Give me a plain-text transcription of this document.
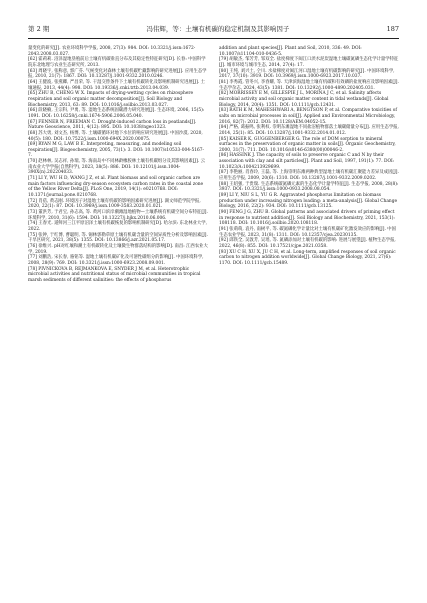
第 2 期	冯伟辉，等：土壤有机碳的稳定机制及其影响因子	187

量变化的研究[J]. 农业环境科学学报, 2008, 27(3): 984. DOI: 10.3321/j.issn:1672-2043.2008.03.027.

[62] 霍莉莉. 沼泽湿地垦殖前后土壤有机碳垂直分布及其稳定性特征研究[D]. 长春: 中国科学院东北地理与农业生态研究所, 2013.

[63] 周晓宇, 张称意, 郭广芬. 气候变化对森林土壤有机碳贮藏影响的研究进展[J]. 应用生态学报, 2010, 21(7): 1867. DOI: 10.13287/j.1001-9332.2010.0246.

[64] 王健波, 张燕卿, 严昌荣, 等. 干湿交替条件下土壤有机碳转化及影响机制研究进展[J]. 土壤通报, 2013, 44(4): 998. DOI: 10.19336/j.cnki.trtb.2013.04.039.

[65] ZHU B, CHENG W X. Impacts of drying-wetting cycles on rhizosphere respiration and soil organic matter decomposition[J]. Soil Biology and Biochemistry, 2013, 63: 89. DOI: 10.1016/j.soilbio.2013.03.027.

[66] 段晓楠, 王宗科, 尹勇, 等. 湿地生态系统固碳潜力研究进展[J]. 生态环境, 2006, 15(5): 1091. DOI: 10.16258/j.cnki.1674-5906.2006.05.040.

[67] FENNER N, FREEMAN C. Drought-induced carbon loss in peatlands[J]. Nature Geoscience, 2011, 4(12): 895. DOI: 10.1038/ngeo1323.

[68] 苏大勇, 刘文杰, 杨博, 等. 土壤碳循环对地下水位的响应研究进展[J]. 中国沙漠, 2020, 40(5): 180. DOI: 10.7522/j.issn.1000-694X.2020.00075.

[69] RYAN M G, LAW B E. Interpreting, measuring, and modeling soil respiration[J]. Biogeochemistry, 2005, 73(1): 3. DOI: 10.1007/s10533-004-5167-7.

[70] 赵林林, 吴志祥, 孙瑞, 等. 海南岛中不同林龄橡胶林土壤有机碳组分及其影响因素[J]. 云南农业大学学报(自然科学), 2023, 38(5): 886. DOI: 10.12101/j.issn.1004-390X(n).202204033.

[71] LI Y, WU H D, WANG J Z, et al. Plant biomass and soil organic carbon are main factors influencing dry-season ecosystem carbon rates in the coastal zone of the Yellow River Delta[J]. PLoS One, 2019, 14(1): e0210768. DOI: 10.1371/journal.pone.0210768.

[72] 肖蓓, 黄志刚. 环境因子对湿地土壤有机碳的影响因素研究进展[J]. 湖文师范学院学报, 2020, 22(1): 87. DOI: 10.3969/j.issn.1009-3583.2020.01.021.

[73] 董洪芳, 于君宝, 孙志高, 等. 黄河口滨岸潮滩湿地植物—土壤系统有机碳空间分布特征[J]. 环境科学, 2010, 31(6): 1594. DOI: 10.13227/j.hjkx.2010.06.006.

[74] 王春光. 道鲜河三江平原沼泽土壤有机碳恢复的影响机制研究[D]. 哈尔滨: 东北林业大学, 2022.

[75] 张钟, 于红博, 曹聪明, 等. 锡林郭勒草原土壤有机碳含量的空间异质性分析及影响因素[J]. 干旱区研究, 2021, 38(5): 1355. DOI: 10.13866/j.azr.2021.05.17.

[76] 徐维兴. pH对红壤和潮土有机碳转化及土壤微生物群落结构的影响[D]. 南昌: 江西农业大学, 2019.

[77] 刘鹏浩, 宋长春, 骆铭等. 湿地土壤有机碳矿化及可溶性碳组分的影响[J]. 中国环境科学, 2008, 28(9): 769. DOI: 10.3321/j.issn:1000-6923.2008.09.001.

[78] PIVNICKOVA B, REJMANKOVA E, SNYDER J M, et al. Heterotrophic microbial activities and nutritional status of microbial communities in tropical marsh sediments of different salinities: the effects of phosphorus

addition and plant species[J]. Plant and Soil, 2010, 336: 49. DOI: 10.1007/s11104-010-0436-5.

[79] 胡敏杰, 邹芳芳, 邹双全. 盐度梯度下闽江口淡水泥炭湿地土壤碳氮磷生态化学计量学特征[J]. 城市环境与城市生态, 2014, 27(4): 17.

[80] 王纯, 刘兴土, 仝川. 水盐梯度对闽江河口湿地土壤有机碳影响的研究[J]. 中国环境科学, 2017, 37(10): 3919. DOI: 10.3969/j.issn.1000-6923.2017.10.037.

[81] 李秀霞, 管冬兴, 李春耀, 等. 天津滨海湿地土壤有机碳和有效磷的盐度响应及影响因素[J]. 生态学杂志, 2024, 43(5): 1381. DOI: 10.13292/j.1000-4890.202405.031.

[82] MORRISSEY E M, GILLESPIE J L, MORINA J C, et al. Salinity affects microbial activity and soil organic matter content in tidal wetlands[J]. Global Biology, 2014, 20(4): 1351. DOI: 10.1111/gcb.12431.

[83] RATH K M, MAHESHWARI A, BENGTSON P, et al. Comparative toxicities of salts on microbial processes in soil[J]. Applied and Environmental Microbiology, 2016, 82(7): 2012. DOI: 10.1128/AEM.04052-15.

[84] 严格, 葛振鸣, 张利权. 崇明东滩湿地不同盐沼植物群落土壤碳储量分布[J]. 应用生态学报, 2014, 25(1): 85. DOI: 10.13287/j.1001-9332.2014.01.012.

[85] KAISER K, GUGGENBERGER G. The role of DOM sorption to mineral surfaces in the preservation of organic matter in soils[J]. Organic Geochemistry, 2000, 31(7): 711. DOI: 10.1016/s0146-6380(00)00046-2.

[86] HASSINK J. The capacity of soils to preserve organic C and N by their association with clay and silt particles[J]. Plant and Soil, 1997, 191(1): 77. DOI: 10.1023/A:1004213929699.

[87] 李艳丽, 肖春玲, 王磊, 等. 上海崇明东滩两种典型湿地土壤有机碳汇聚能力差异及成因[J]. 应用生态学报, 2009, 20(6): 1310. DOI: 10.13287/j.1001-9332.2009.0202.

[88] 王绍强, 于贵瑞. 生态系统碳氮磷元素的生态化学计量学特征[J]. 生态学报, 2008, 28(8): 3937. DOI: 10.3321/j.issn:1000-0933.2008.08.054.

[89] LI Y, NIU S L, YU G R. Aggravated phosphorus limitation on biomass production under increasing nitrogen loading: a meta-analysis[J]. Global Change Biology, 2016, 22(2): 934. DOI: 10.1111/gcb.13125.

[90] FENG J G, ZHU B. Global patterns and associated drivers of priming effect in response to nutrient addition[J]. Soil Biology and Biochemistry, 2021, 153(1): 108118. DOI: 10.1016/j.soilbio.2020.108118.

[91] 张萌萌, 袁丹, 南树平, 等. 碳氮磷化学计量比对土壤有机碳矿化激发效应的影响[J]. 中国生态农业学报, 2023, 31(8): 1311. DOI: 10.12357/cjea.20230135.

[92] 邱铁全, 吴敦芳, 吴瑶, 等. 氮磷添加对土壤有机碳的影响: 进展与展望[J]. 植物生态学报, 2022, 46(8): 855. DOI: 10.17521/cjpe.2021.0358.

[93] XU C H, XU X, JU C H, et al. Long-term, amplified responses of soil organic carbon to nitrogen addition worldwide[J]. Global Change Biology, 2021, 27(6): 1170. DOI: 10.1111/gcb.15489.
